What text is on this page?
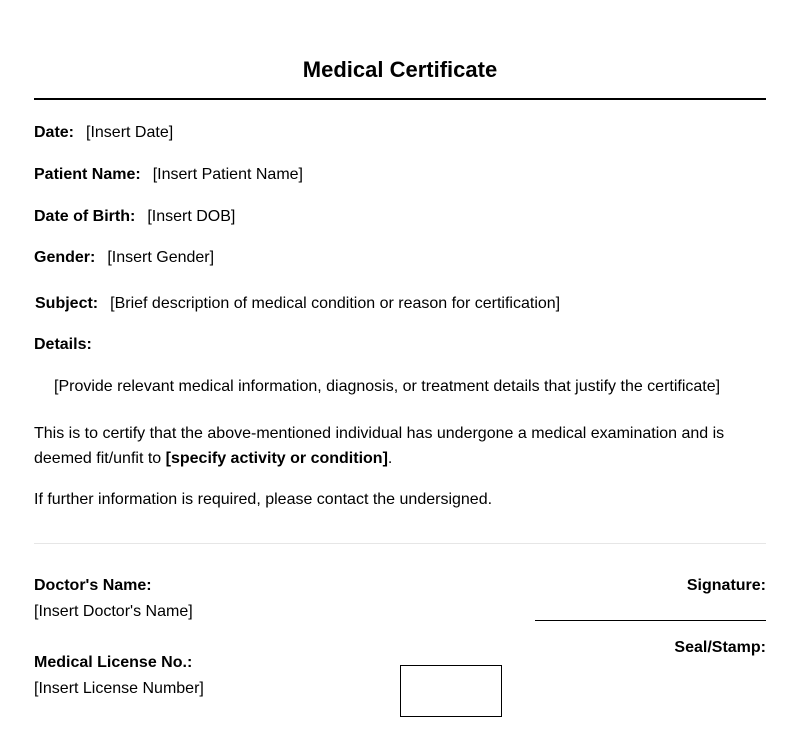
Medical Certificate
Date: [Insert Date]
Patient Name: [Insert Patient Name]
Date of Birth: [Insert DOB]
Gender: [Insert Gender]
Subject: [Brief description of medical condition or reason for certification]
Details:
[Provide relevant medical information, diagnosis, or treatment details that justify the certificate]
This is to certify that the above-mentioned individual has undergone a medical examination and is deemed fit/unfit to [specify activity or condition].
If further information is required, please contact the undersigned.
Doctor's Name:
[Insert Doctor's Name]
Signature:
Seal/Stamp:
Medical License No.:
[Insert License Number]
